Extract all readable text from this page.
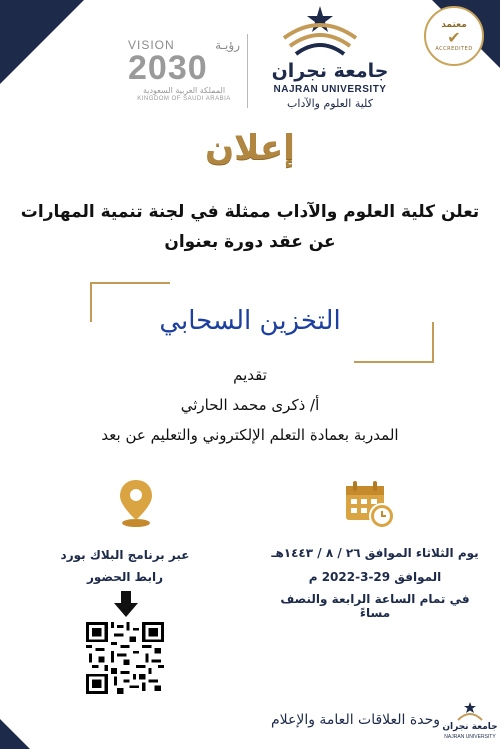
معتمد
✔
ACCREDITED
جامعة نجران
NAJRAN UNIVERSITY
كلية العلوم والآداب
VISION	رؤيـة
2030
المملكة العربية السعودية
KINGDOM OF SAUDI ARABIA
إعلان
تعلن كلية العلوم والآداب ممثلة في لجنة تنمية المهارات
عن عقد دورة بعنوان
التخزين السحابي
تقديم
أ/ ذكرى محمد الحارثي
المدربة بعمادة التعلم الإلكتروني والتعليم عن بعد
يوم الثلاثاء الموافق ٢٦ / ٨ / ١٤٤٣هـ
الموافق 29-3-2022 م
في تمام الساعة الرابعة والنصف مساءً
عبر برنامج البلاك بورد
رابط الحضور
وحدة العلاقات العامة والإعلام جامعة نجران
NAJRAN UNIVERSITY
